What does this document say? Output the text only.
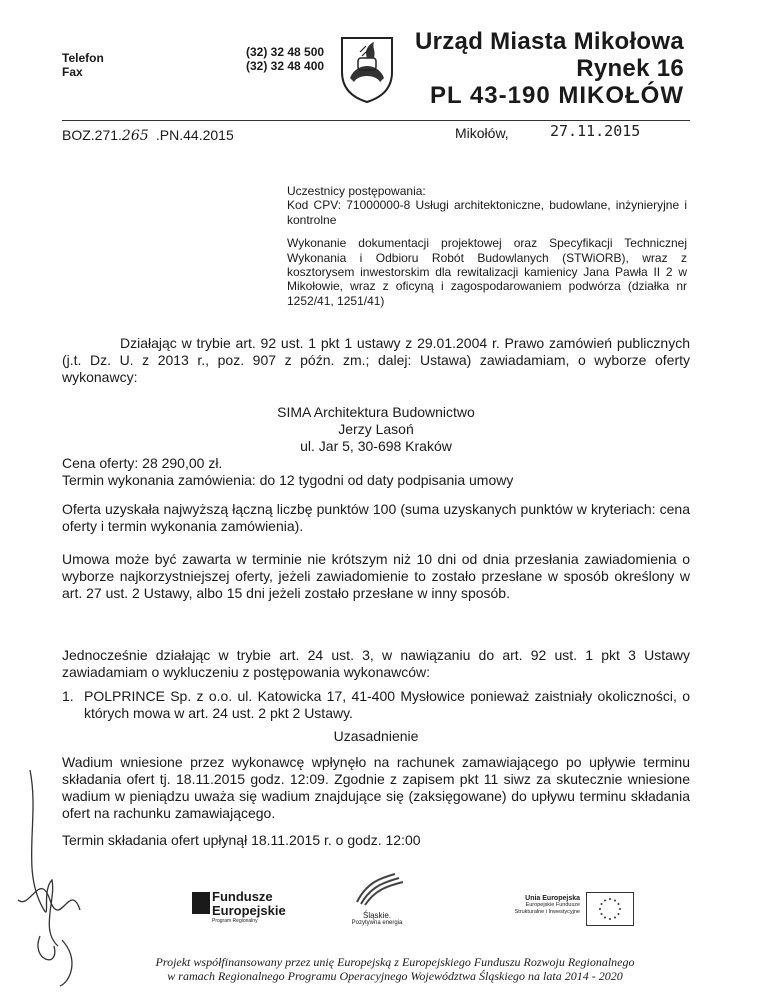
Telefon
Fax
(32) 32 48 500
(32) 32 48 400
Urząd Miasta Mikołowa
Rynek 16
PL 43-190 MIKOŁÓW
BOZ.271.265 .PN.44.2015	Mikołów,	27.11.2015

Uczestnicy postępowania:

Kod CPV: 71000000-8 Usługi architektoniczne, budowlane, inżynieryjne i kontrolne

Wykonanie dokumentacji projektowej oraz Specyfikacji Technicznej Wykonania i Odbioru Robót Budowlanych (STWiORB), wraz z kosztorysem inwestorskim dla rewitalizacji kamienicy Jana Pawła II 2 w Mikołowie, wraz z oficyną i zagospodarowaniem podwórza (działka nr 1252/41, 1251/41)

Działając w trybie art. 92 ust. 1 pkt 1 ustawy z 29.01.2004 r. Prawo zamówień publicznych (j.t. Dz. U. z 2013 r., poz. 907 z późn. zm.; dalej: Ustawa) zawiadamiam, o wyborze oferty wykonawcy:
SIMA Architektura Budownictwo
Jerzy Lasoń
ul. Jar 5, 30-698 Kraków
Cena oferty: 28 290,00 zł.
Termin wykonania zamówienia: do 12 tygodni od daty podpisania umowy
Oferta uzyskała najwyższą łączną liczbę punktów 100 (suma uzyskanych punktów w kryteriach: cena oferty i termin wykonania zamówienia).
Umowa może być zawarta w terminie nie krótszym niż 10 dni od dnia przesłania zawiadomienia o wyborze najkorzystniejszej oferty, jeżeli zawiadomienie to zostało przesłane w sposób określony w art. 27 ust. 2 Ustawy, albo 15 dni jeżeli zostało przesłane w inny sposób.
Jednocześnie działając w trybie art. 24 ust. 3, w nawiązaniu do art. 92 ust. 1 pkt 3 Ustawy zawiadamiam o wykluczeniu z postępowania wykonawców:
1. POLPRINCE Sp. z o.o. ul. Katowicka 17, 41-400 Mysłowice ponieważ zaistniały okoliczności, o których mowa w art. 24 ust. 2 pkt 2 Ustawy.
Uzasadnienie
Wadium wniesione przez wykonawcę wpłynęło na rachunek zamawiającego po upływie terminu składania ofert tj. 18.11.2015 godz. 12:09. Zgodnie z zapisem pkt 11 siwz za skutecznie wniesione wadium w pieniądzu uważa się wadium znajdujące się (zaksięgowane) do upływu terminu składania ofert na rachunku zamawiającego.
Termin składania ofert upłynął 18.11.2015 r. o godz. 12:00
Fundusze
Europejskie
Program Regionalny
Śląskie.
Pozytywna energia
Unia Europejska
Europejskie Fundusze
Strukturalne i Inwestycyjne
Projekt współfinansowany przez unię Europejską z Europejskiego Funduszu Rozwoju Regionalnego
w ramach Regionalnego Programu Operacyjnego Województwa Śląskiego na lata 2014 - 2020
